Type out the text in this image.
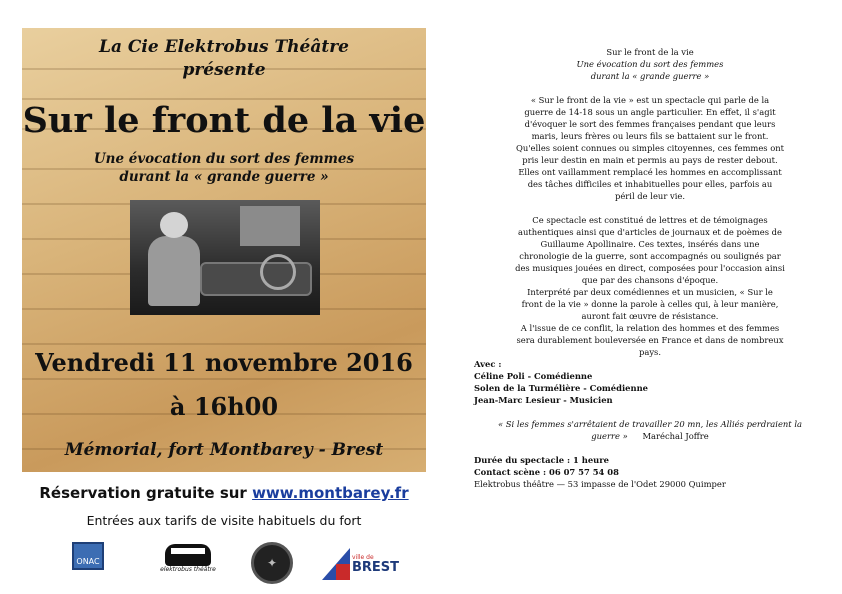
La Cie Elektrobus Théâtre
présente
Sur le front de la vie
Une évocation du sort des femmes
durant la « grande guerre »
Vendredi 11 novembre 2016
à 16h00
Mémorial, fort Montbarey - Brest
Réservation gratuite sur www.montbarey.fr
Entrées aux tarifs de visite habituels du fort
ONAC
elektrobus théâtre	✦	ville de
BREST
Sur le front de la vie
Une évocation du sort des femmes
durant la « grande guerre »

« Sur le front de la vie » est un spectacle qui parle de la

guerre de 14-18 sous un angle particulier. En effet, il s'agit

d'évoquer le sort des femmes françaises pendant que leurs

maris, leurs frères ou leurs fils se battaient sur le front.

Qu'elles soient connues ou simples citoyennes, ces femmes ont

pris leur destin en main et permis au pays de rester debout.

Elles ont vaillamment remplacé les hommes en accomplissant

des tâches difficiles et inhabituelles pour elles, parfois au

péril de leur vie.

Ce spectacle est constitué de lettres et de témoignages

authentiques ainsi que d'articles de journaux et de poèmes de

Guillaume Apollinaire. Ces textes, insérés dans une

chronologie de la guerre, sont accompagnés ou soulignés par

des musiques jouées en direct, composées pour l'occasion ainsi

que par des chansons d'époque.

Interprété par deux comédiennes et un musicien, « Sur le

front de la vie » donne la parole à celles qui, à leur manière,

auront fait œuvre de résistance.

A l'issue de ce conflit, la relation des hommes et des femmes

sera durablement bouleversée en France et dans de nombreux

pays.

Avec :

Céline Poli - Comédienne

Solen de la Turmélière - Comédienne

Jean-Marc Lesieur - Musicien

« Si les femmes s'arrêtaient de travailler 20 mn, les Alliés perdraient la

guerre » Maréchal Joffre

Durée du spectacle : 1 heure

Contact scène : 06 07 57 54 08

Elektrobus théâtre — 53 impasse de l'Odet 29000 Quimper
